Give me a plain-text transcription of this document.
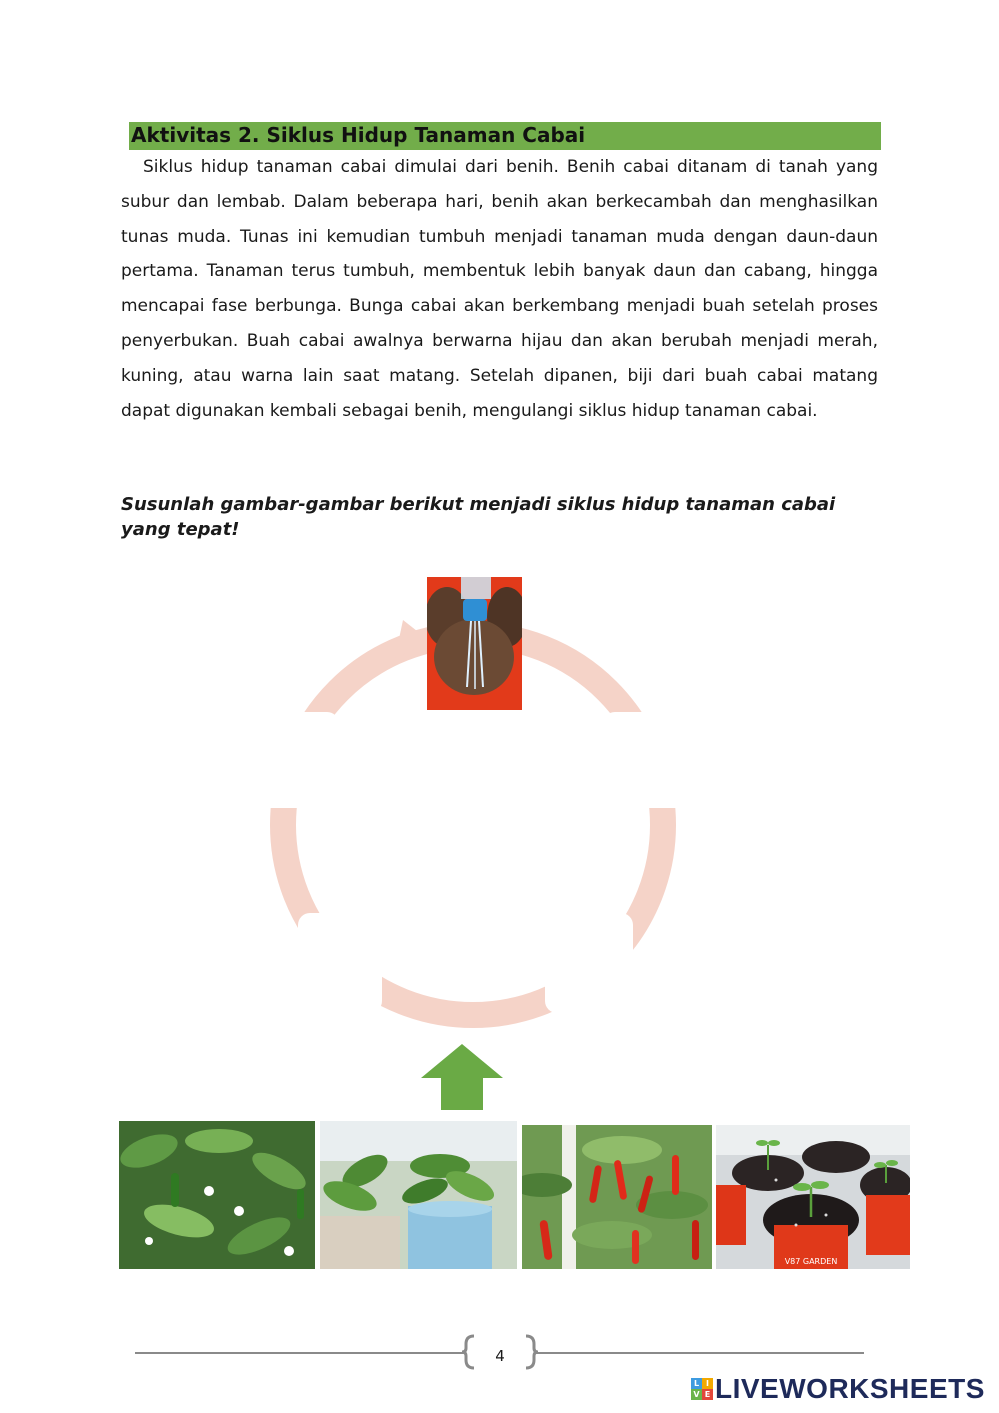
Aktivitas 2. Siklus Hidup Tanaman Cabai

Siklus hidup tanaman cabai dimulai dari benih. Benih cabai ditanam di tanah yang subur dan lembab. Dalam beberapa hari, benih akan berkecambah dan menghasilkan tunas muda. Tunas ini kemudian tumbuh menjadi tanaman muda dengan daun-daun pertama. Tanaman terus tumbuh, membentuk lebih banyak daun dan cabang, hingga mencapai fase berbunga. Bunga cabai akan berkembang menjadi buah setelah proses penyerbukan. Buah cabai awalnya berwarna hijau dan akan berubah menjadi merah, kuning, atau warna lain saat matang. Setelah dipanen, biji dari buah cabai matang dapat digunakan kembali sebagai benih, mengulangi siklus hidup tanaman cabai.

Susunlah gambar-gambar berikut menjadi siklus hidup tanaman cabai yang tepat!

V87 GARDEN
4
L I
V E LIVEWORKSHEETS
